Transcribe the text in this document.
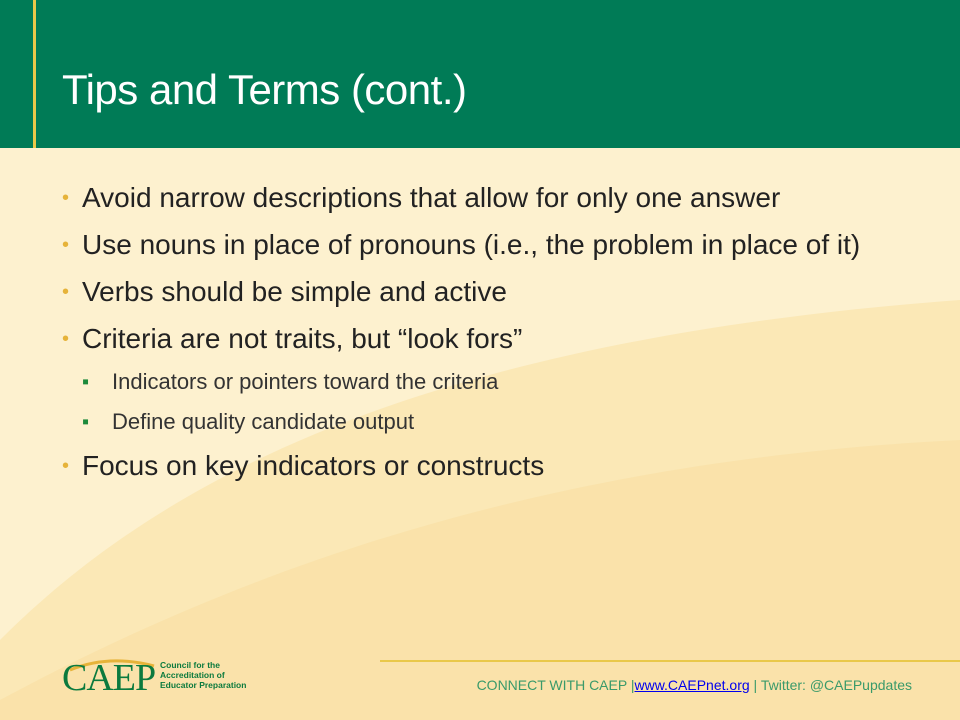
Tips and Terms (cont.)
• Avoid narrow descriptions that allow for only one answer
• Use nouns in place of pronouns (i.e., the problem in place of it)
• Verbs should be simple and active
• Criteria are not traits, but “look fors”
▪ Indicators or pointers toward the criteria
▪ Define quality candidate output
• Focus on key indicators or constructs
CAEP Council for the
Accreditation of
Educator Preparation	CONNECT WITH CAEP |www.CAEPnet.org | Twitter: @CAEPupdates
